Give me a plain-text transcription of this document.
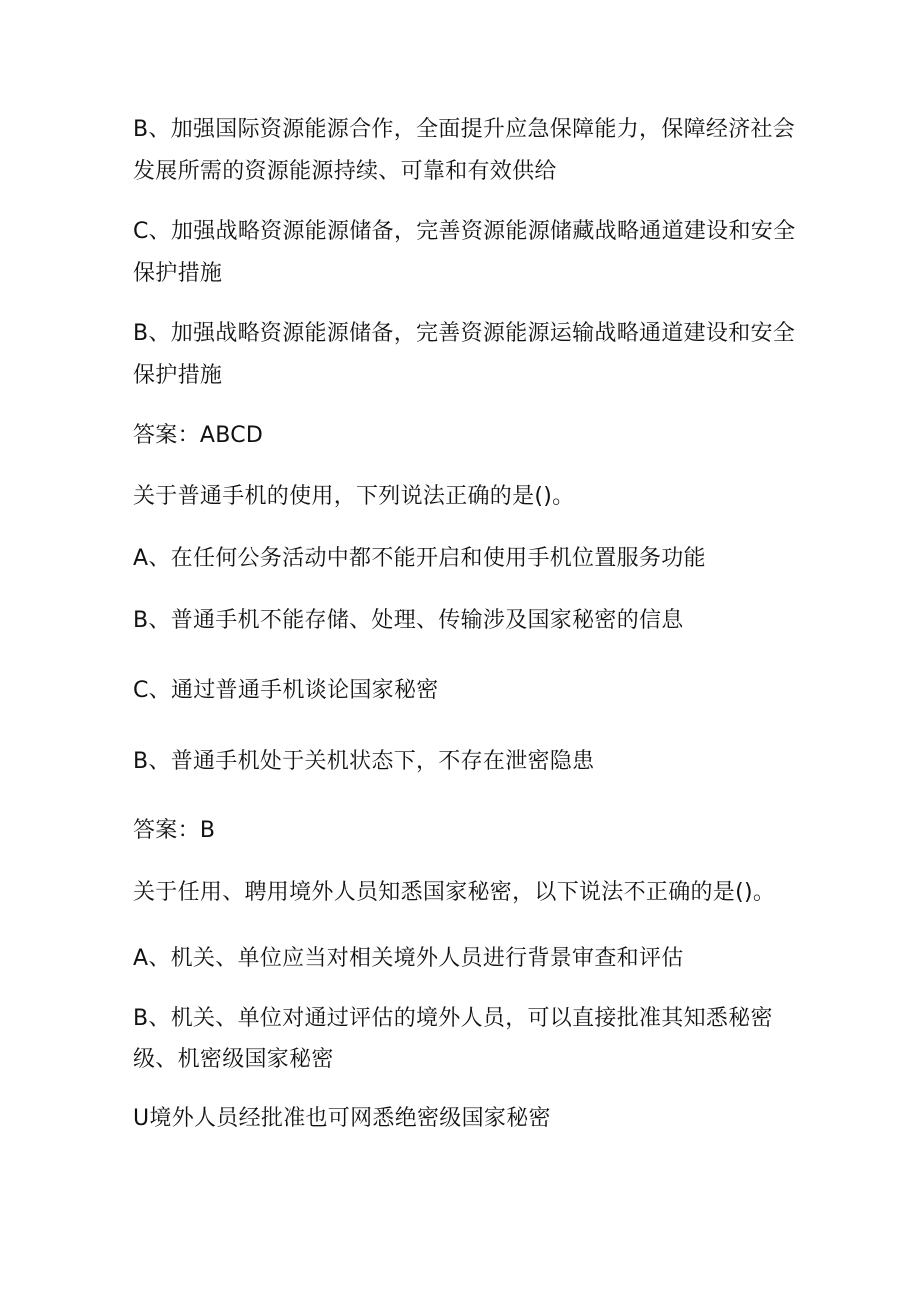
B、加强国际资源能源合作，全面提升应急保障能力，保障经济社会
发展所需的资源能源持续、可靠和有效供给
C、加强战略资源能源储备，完善资源能源储藏战略通道建设和安全
保护措施
B、加强战略资源能源储备，完善资源能源运输战略通道建设和安全
保护措施
答案：ABCD
关于普通手机的使用，下列说法正确的是()。
A、在任何公务活动中都不能开启和使用手机位置服务功能
B、普通手机不能存储、处理、传输涉及国家秘密的信息
C、通过普通手机谈论国家秘密
B、普通手机处于关机状态下，不存在泄密隐患
答案：B
关于任用、聘用境外人员知悉国家秘密，以下说法不正确的是()。
A、机关、单位应当对相关境外人员进行背景审查和评估
B、机关、单位对通过评估的境外人员，可以直接批准其知悉秘密
级、机密级国家秘密
U境外人员经批准也可网悉绝密级国家秘密
